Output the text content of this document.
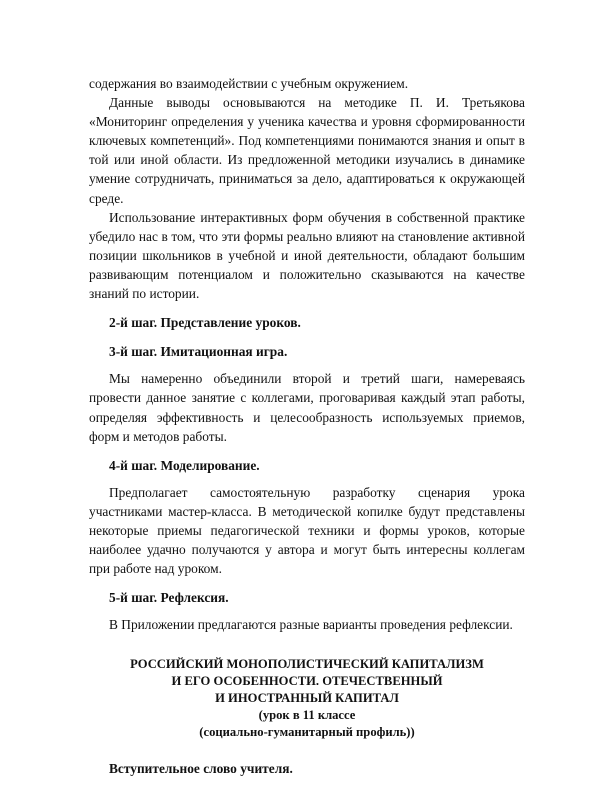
содержания во взаимодействии с учебным окружением.

Данные выводы основываются на методике П. И. Третьякова «Мониторинг определения у ученика качества и уровня сформированности ключевых компетенций». Под компетенциями понимаются знания и опыт в той или иной области. Из предложенной методики изучались в динамике умение сотрудничать, приниматься за дело, адаптироваться к окружающей среде.

Использование интерактивных форм обучения в собственной практике убедило нас в том, что эти формы реально влияют на становление активной позиции школьников в учебной и иной деятельности, обладают большим развивающим потенциалом и положительно сказываются на качестве знаний по истории.

2-й шаг. Представление уроков.

3-й шаг. Имитационная игра.

Мы намеренно объединили второй и третий шаги, намереваясь провести данное занятие с коллегами, проговаривая каждый этап работы, определяя эффективность и целесообразность используемых приемов, форм и методов работы.

4-й шаг. Моделирование.

Предполагает самостоятельную разработку сценария урока участниками мастер-класса. В методической копилке будут представлены некоторые приемы педагогической техники и формы уроков, которые наиболее удачно получаются у автора и могут быть интересны коллегам при работе над уроком.

5-й шаг. Рефлексия.

В Приложении предлагаются разные варианты проведения рефлексии.

РОССИЙСКИЙ МОНОПОЛИСТИЧЕСКИЙ КАПИТАЛИЗМ

И ЕГО ОСОБЕННОСТИ. ОТЕЧЕСТВЕННЫЙ

И ИНОСТРАННЫЙ КАПИТАЛ

(урок в 11 классе

(социально-гуманитарный профиль))

Вступительное слово учителя.
